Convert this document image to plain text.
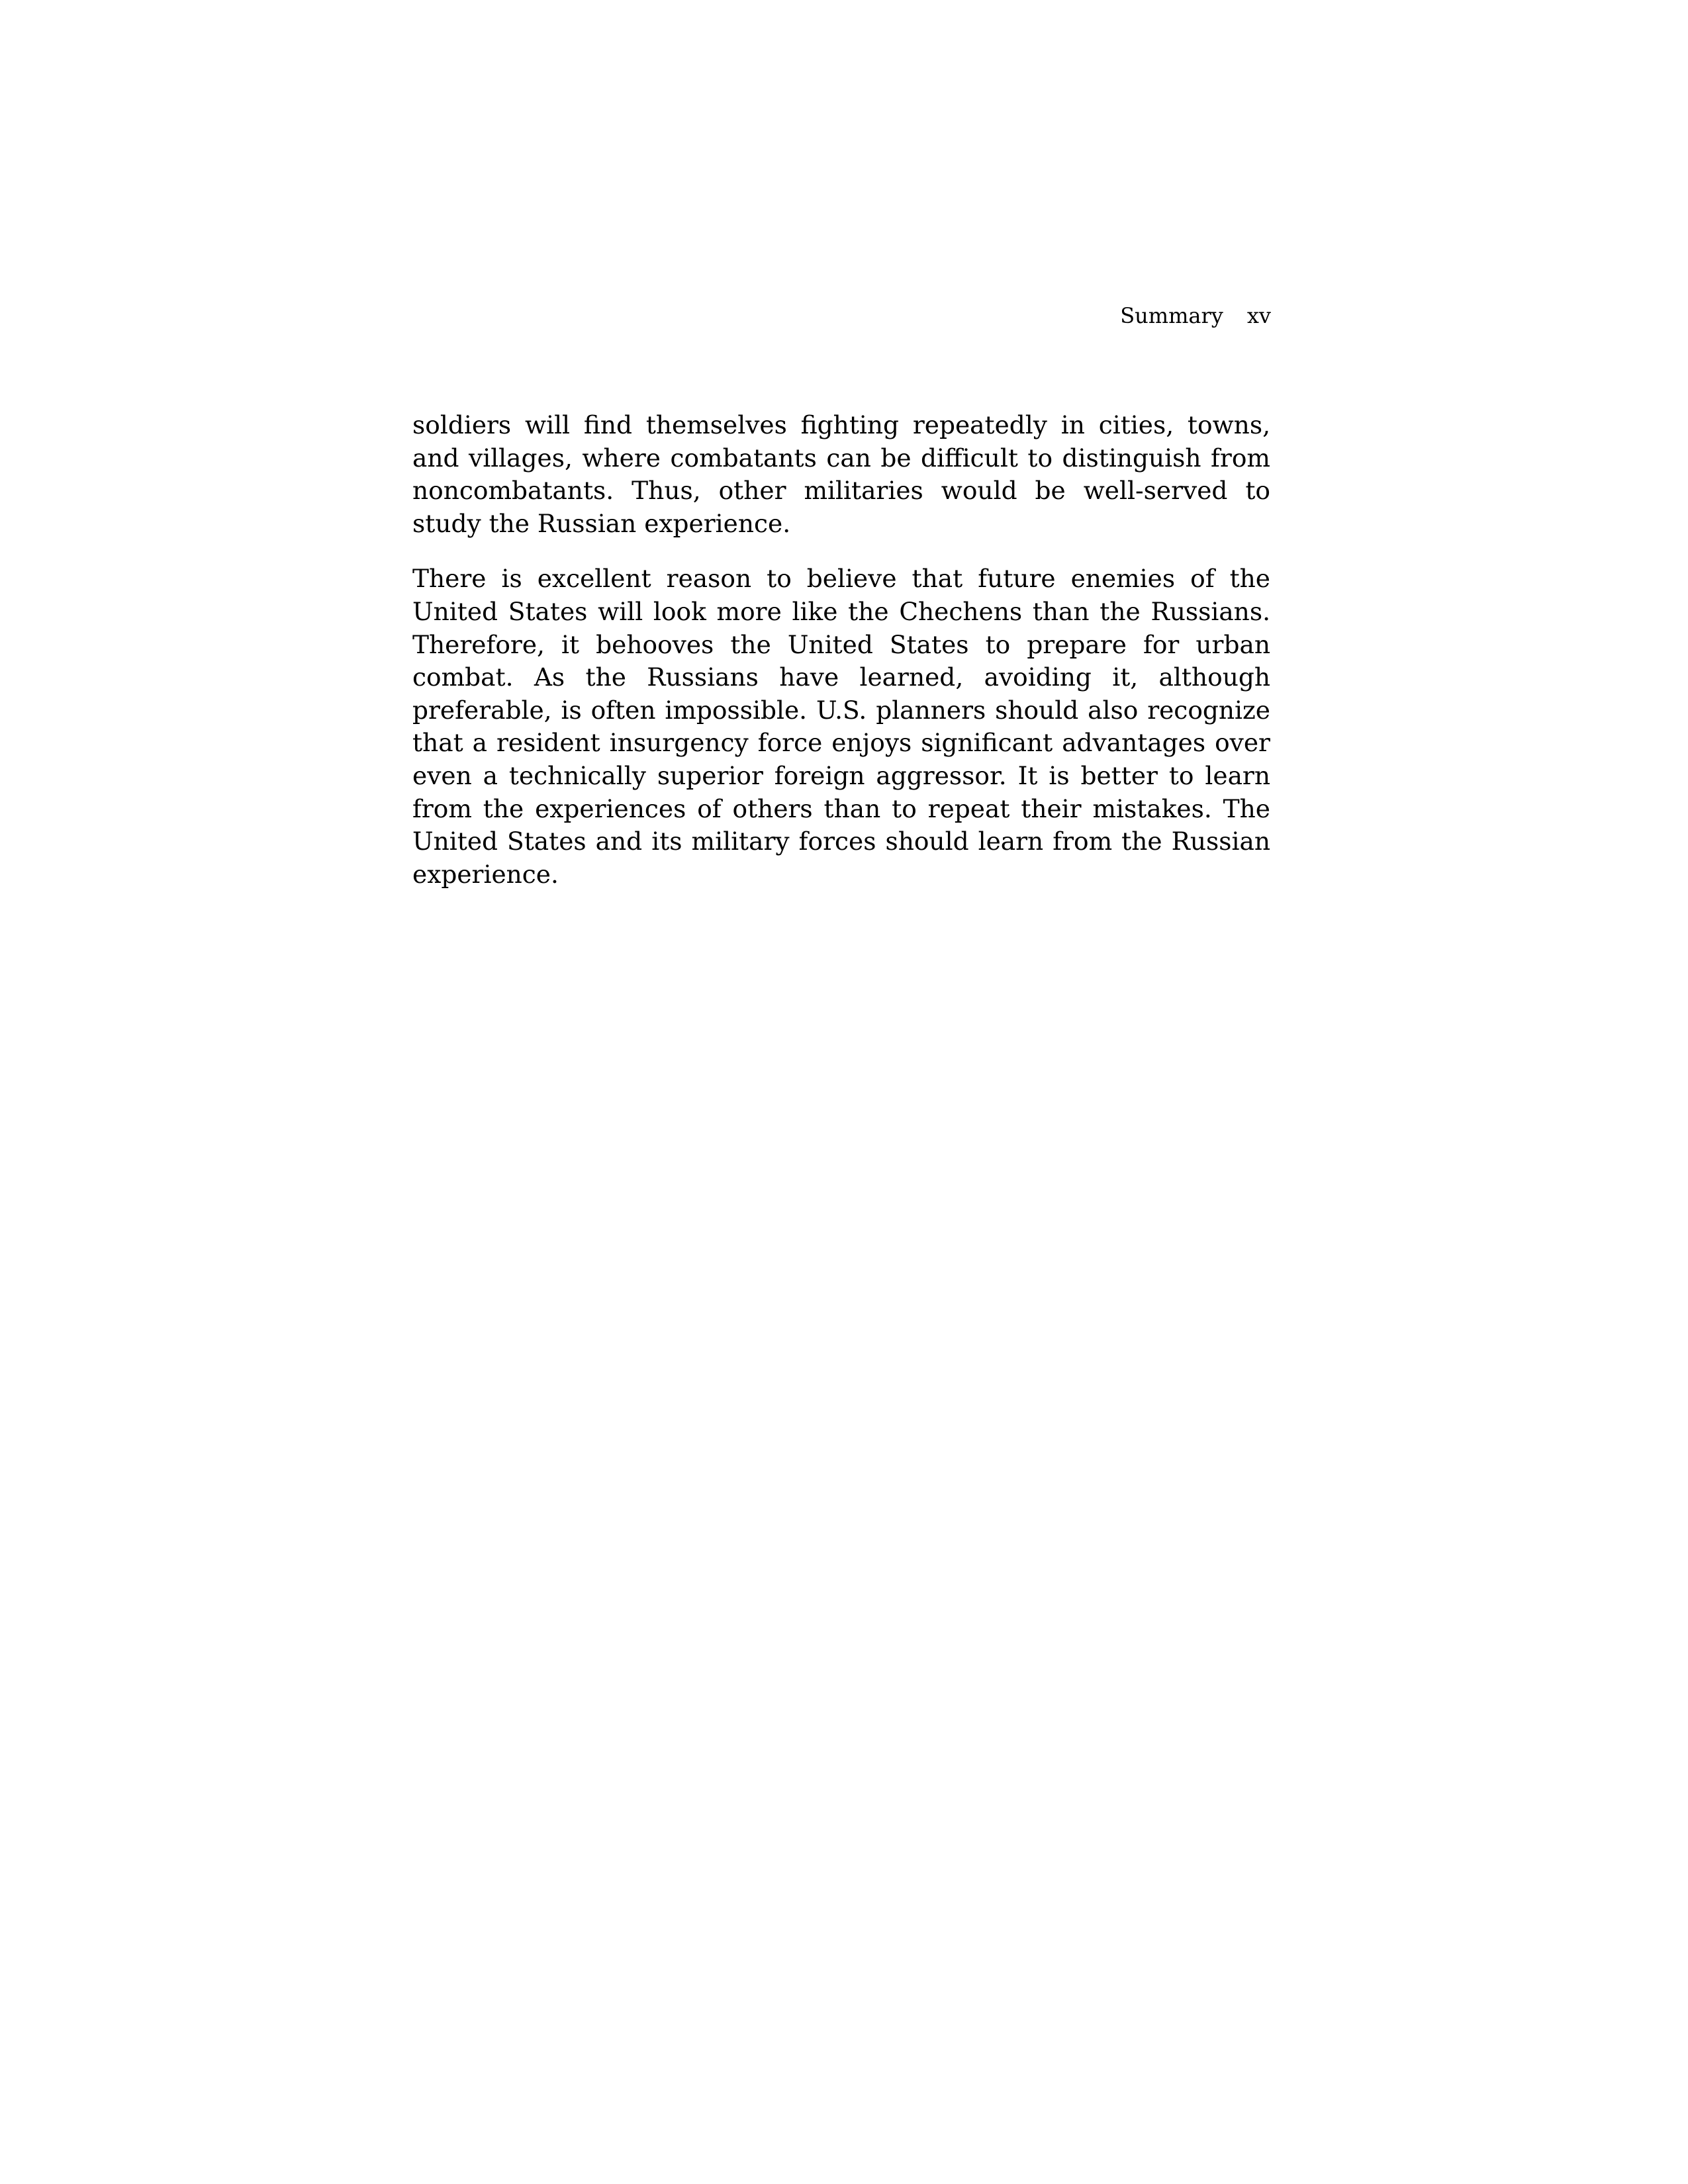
Summary xv

soldiers will find themselves fighting repeatedly in cities, towns, and villages, where combatants can be difficult to distinguish from noncombatants. Thus, other militaries would be well-served to study the Russian experience.

There is excellent reason to believe that future enemies of the United States will look more like the Chechens than the Russians. Therefore, it behooves the United States to prepare for urban combat. As the Russians have learned, avoiding it, although preferable, is often impossible. U.S. planners should also recognize that a resident insurgency force enjoys significant advantages over even a technically superior foreign aggressor. It is better to learn from the experiences of others than to repeat their mistakes. The United States and its military forces should learn from the Russian experience.
